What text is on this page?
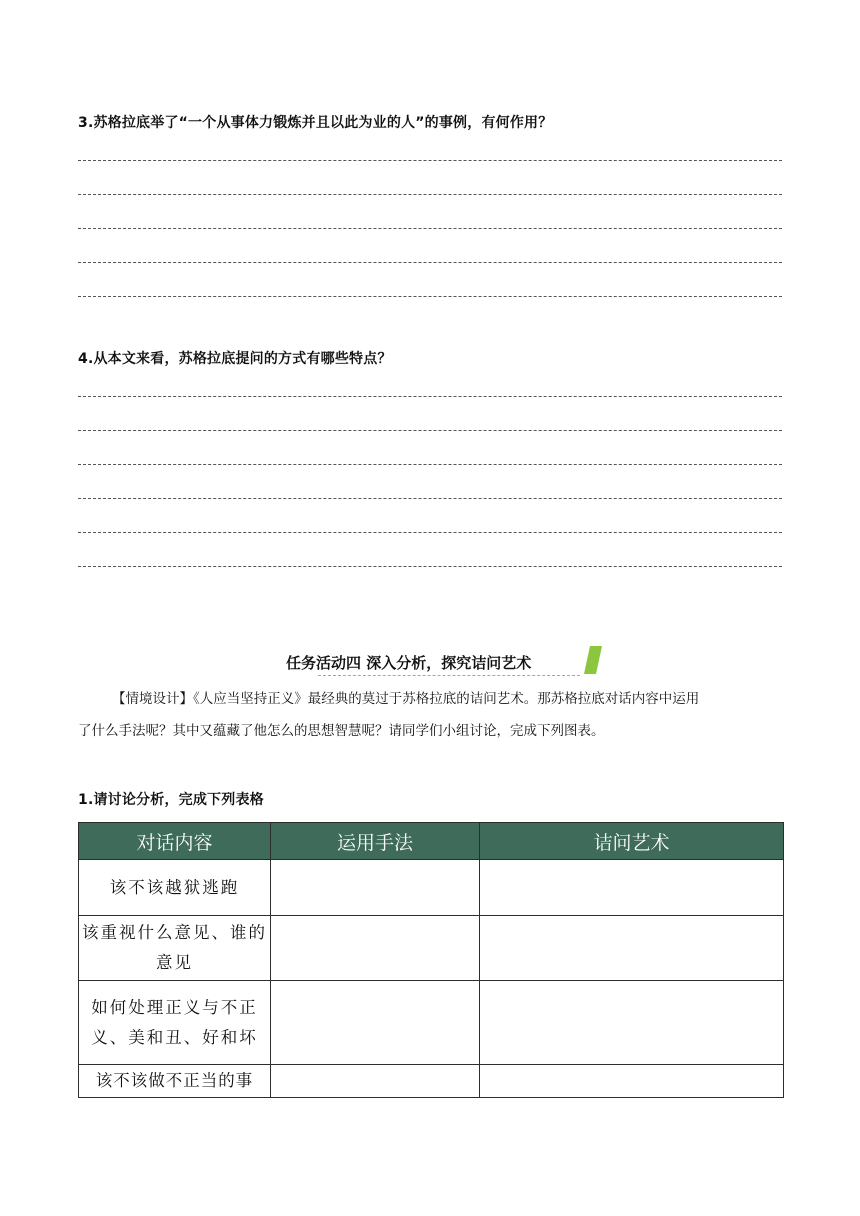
3.苏格拉底举了“一个从事体力锻炼并且以此为业的人”的事例，有何作用？
4.从本文来看，苏格拉底提问的方式有哪些特点？
任务活动四 深入分析，探究诘问艺术
【情境设计】《人应当坚持正义》最经典的莫过于苏格拉底的诘问艺术。那苏格拉底对话内容中运用
了什么手法呢？其中又蕴藏了他怎么的思想智慧呢？请同学们小组讨论，完成下列图表。
1.请讨论分析，完成下列表格
对话内容	运用手法	诘问艺术
该不该越狱逃跑		
该重视什么意见、谁的意见		
如何处理正义与不正义、美和丑、好和坏		
该不该做不正当的事		
